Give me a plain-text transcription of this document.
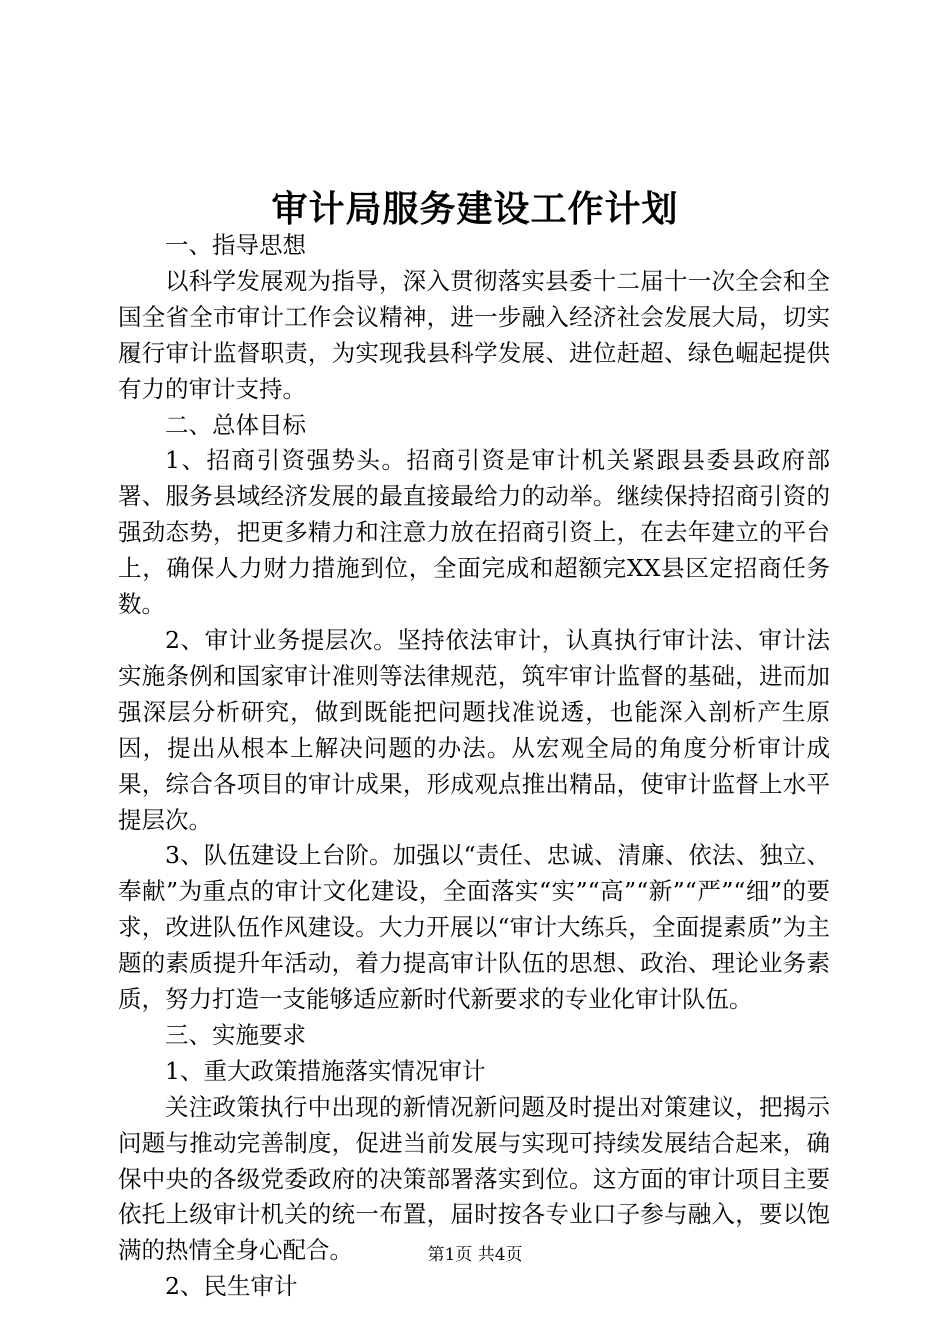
审计局服务建设工作计划

一、指导思想

以科学发展观为指导，深入贯彻落实县委十二届十一次全会和全国全省全市审计工作会议精神，进一步融入经济社会发展大局，切实履行审计监督职责，为实现我县科学发展、进位赶超、绿色崛起提供有力的审计支持。

二、总体目标

1、招商引资强势头。招商引资是审计机关紧跟县委县政府部署、服务县域经济发展的最直接最给力的动举。继续保持招商引资的强劲态势，把更多精力和注意力放在招商引资上，在去年建立的平台上，确保人力财力措施到位，全面完成和超额完XX县区定招商任务数。

2、审计业务提层次。坚持依法审计，认真执行审计法、审计法实施条例和国家审计准则等法律规范，筑牢审计监督的基础，进而加强深层分析研究，做到既能把问题找准说透，也能深入剖析产生原因，提出从根本上解决问题的办法。从宏观全局的角度分析审计成果，综合各项目的审计成果，形成观点推出精品，使审计监督上水平提层次。

3、队伍建设上台阶。加强以“责任、忠诚、清廉、依法、独立、奉献”为重点的审计文化建设，全面落实“实”“高”“新”“严”“细”的要求，改进队伍作风建设。大力开展以“审计大练兵，全面提素质”为主题的素质提升年活动，着力提高审计队伍的思想、政治、理论业务素质，努力打造一支能够适应新时代新要求的专业化审计队伍。

三、实施要求

1、重大政策措施落实情况审计

关注政策执行中出现的新情况新问题及时提出对策建议，把揭示问题与推动完善制度，促进当前发展与实现可持续发展结合起来，确保中央的各级党委政府的决策部署落实到位。这方面的审计项目主要依托上级审计机关的统一布置，届时按各专业口子参与融入，要以饱满的热情全身心配合。

2、民生审计

第1页 共4页
